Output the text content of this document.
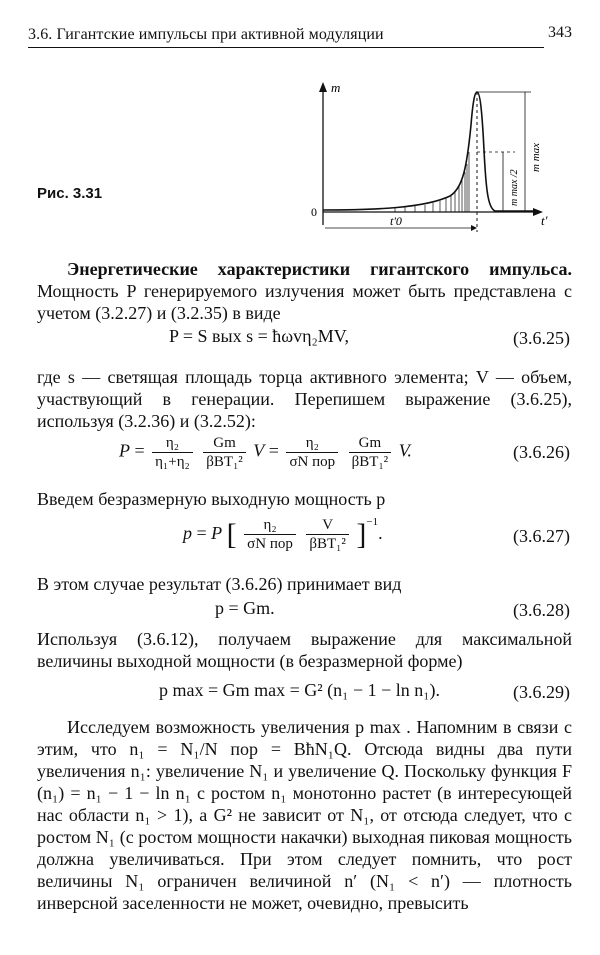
3.6. Гигантские импульсы при активной модуляции	343
Рис. 3.31
m
t'
0
t'0
m max
m max /2
Энергетические характеристики гигантского импульса. Мощность P генерируемого излучения может быть представлена с учетом (3.2.27) и (3.2.35) в виде
P = S вых s = ħωvη₂MV,	(3.6.25)
где s — светящая площадь торца активного элемента; V — объем, участвующий в генерации. Перепишем выражение (3.6.25), используя (3.2.36) и (3.2.52):
$P = \frac{\text{η₂}}{\text{η₁+η₂}}$
$\frac{Gm}{\text{βBT₁²}}$ $V = \frac{\text{η₂}}{\text{σN пор}}$
$\frac{Gm}{\text{βBT₁²}} V$.	(3.6.26)
Введем безразмерную выходную мощность p
p = P [ $\frac{\text{η₂}}{\text{σN пор}}$
$\frac{V}{\text{βBT₁²}} ]^{-1}$.	(3.6.27)
В этом случае результат (3.6.26) принимает вид
p = Gm.	(3.6.28)
Используя (3.6.12), получаем выражение для максимальной величины выходной мощности (в безразмерной форме)
p max = Gm max = G² (n₁ − 1 − ln n₁).	(3.6.29)
Исследуем возможность увеличения p max . Напомним в связи с этим, что n₁ = N₁/N пор = BħN₁Q. Отсюда видны два пути увеличения n₁: увеличение N₁ и увеличение Q. Поскольку функция F (n₁) = n₁ − 1 − ln n₁ с ростом n₁ монотонно растет (в интересующей нас области n₁ > 1), а G² не зависит от N₁, от отсюда следует, что с ростом N₁ (с ростом мощности накачки) выходная пиковая мощность должна увеличиваться. При этом следует помнить, что рост величины N₁ ограничен величиной n′ (N₁ < n′) — плотность инверсной заселенности не может, очевидно, превысить
